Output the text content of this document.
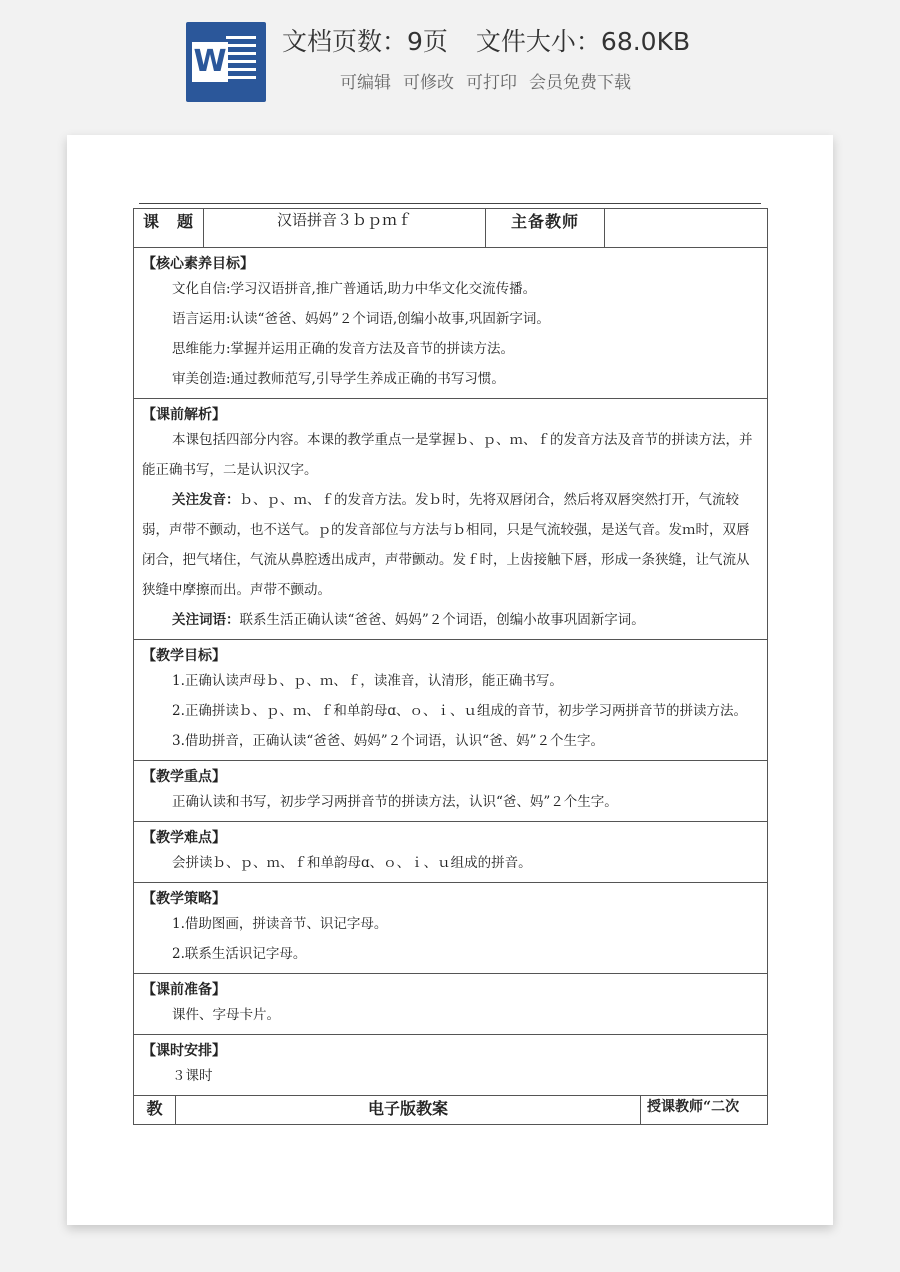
W
文档页数：9页 文件大小：68.0KB
可编辑 可修改 可打印 会员免费下载
课　题		汉语拼音３ｂｐｍｆ	主备教师		

【核心素养目标】

文化自信:学习汉语拼音,推广普通话,助力中华文化交流传播。

语言运用:认读“爸爸、妈妈”２个词语,创编小故事,巩固新字词。

思维能力:掌握并运用正确的发音方法及音节的拼读方法。

审美创造:通过教师范写,引导学生养成正确的书写习惯。					

【课前解析】

本课包括四部分内容。本课的教学重点一是掌握ｂ、ｐ、ｍ、ｆ的发音方法及音节的拼读方法，并能正确书写，二是认识汉字。

关注发音：ｂ、ｐ、ｍ、ｆ的发音方法。发ｂ时，先将双唇闭合，然后将双唇突然打开，气流较弱，声带不颤动，也不送气。ｐ的发音部位与方法与ｂ相同，只是气流较强，是送气音。发ｍ时，双唇闭合，把气堵住，气流从鼻腔透出成声，声带颤动。发ｆ时，上齿接触下唇，形成一条狭缝，让气流从狭缝中摩擦而出。声带不颤动。

关注词语：联系生活正确认读“爸爸、妈妈”２个词语，创编小故事巩固新字词。					

【教学目标】

1.正确认读声母ｂ、ｐ、ｍ、ｆ，读准音，认清形，能正确书写。

2.正确拼读ｂ、ｐ、ｍ、ｆ和单韵母ɑ、ｏ、ｉ、ｕ组成的音节，初步学习两拼音节的拼读方法。

3.借助拼音，正确认读“爸爸、妈妈”２个词语，认识“爸、妈”２个生字。					

【教学重点】

正确认读和书写，初步学习两拼音节的拼读方法，认识“爸、妈”２个生字。					

【教学难点】

会拼读ｂ、ｐ、ｍ、ｆ和单韵母ɑ、ｏ、ｉ、ｕ组成的拼音。					

【教学策略】

1.借助图画，拼读音节、识记字母。

2.联系生活识记字母。					

【课前准备】

课件、字母卡片。					

【课时安排】

３课时					

教	电子版教案				授课教师“二次
